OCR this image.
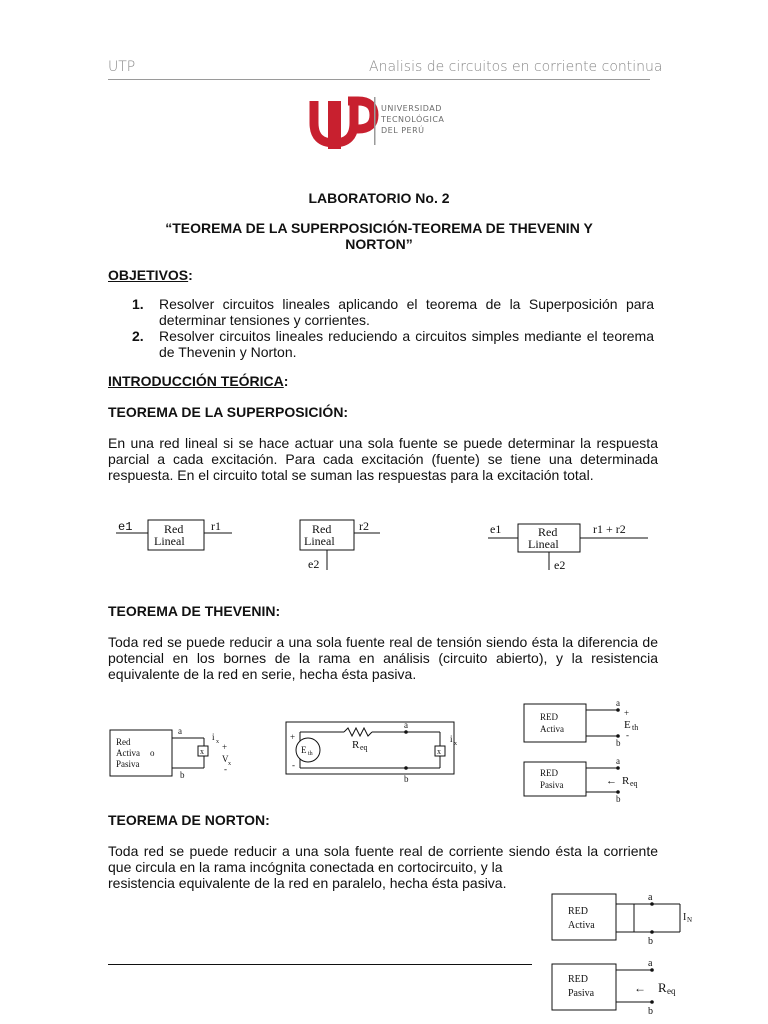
UTP	Analisis de circuitos en corriente continua
UNIVERSIDAD
TECNOLÓGICA
DEL PERÚ
LABORATORIO No. 2
“TEOREMA DE LA SUPERPOSICIÓN-TEOREMA DE THEVENIN Y
NORTON”
OBJETIVOS:
1. Resolver circuitos lineales aplicando el teorema de la Superposición para determinar tensiones y corrientes.
2. Resolver circuitos lineales reduciendo a circuitos simples mediante el teorema de Thevenin y Norton.
INTRODUCCIÓN TEÓRICA:
TEOREMA DE LA SUPERPOSICIÓN:
En una red lineal si se hace actuar una sola fuente se puede determinar la respuesta parcial a cada excitación. Para cada excitación (fuente) se tiene una determinada respuesta. En el circuito total se suman las respuestas para la excitación total.
e1	Red
Lineal
r1	Red
Lineal
r2
e2
e1	Red
Lineal
r1 + r2
e2
TEOREMA DE THEVENIN:
Toda red se puede reducir a una sola fuente real de tensión siendo ésta la diferencia de potencial en los bornes de la rama en análisis (circuito abierto), y la resistencia equivalente de la red en serie, hecha ésta pasiva.
Red
Activa o
Pasiva
x
a
b
i x +
V x
-
E th
+
-
x
a
b
R eq
i x
RED
Activa
a
b
+
E th
-
RED
Pasiva
a
b
← R eq
TEOREMA DE NORTON:
Toda red se puede reducir a una sola fuente real de corriente siendo ésta la corriente
que circula en la rama incógnita conectada en cortocircuito, y la
resistencia equivalente de la red en paralelo, hecha ésta pasiva.
RED
Activa
a
b
I N
RED
Pasiva
a
b
← R eq
